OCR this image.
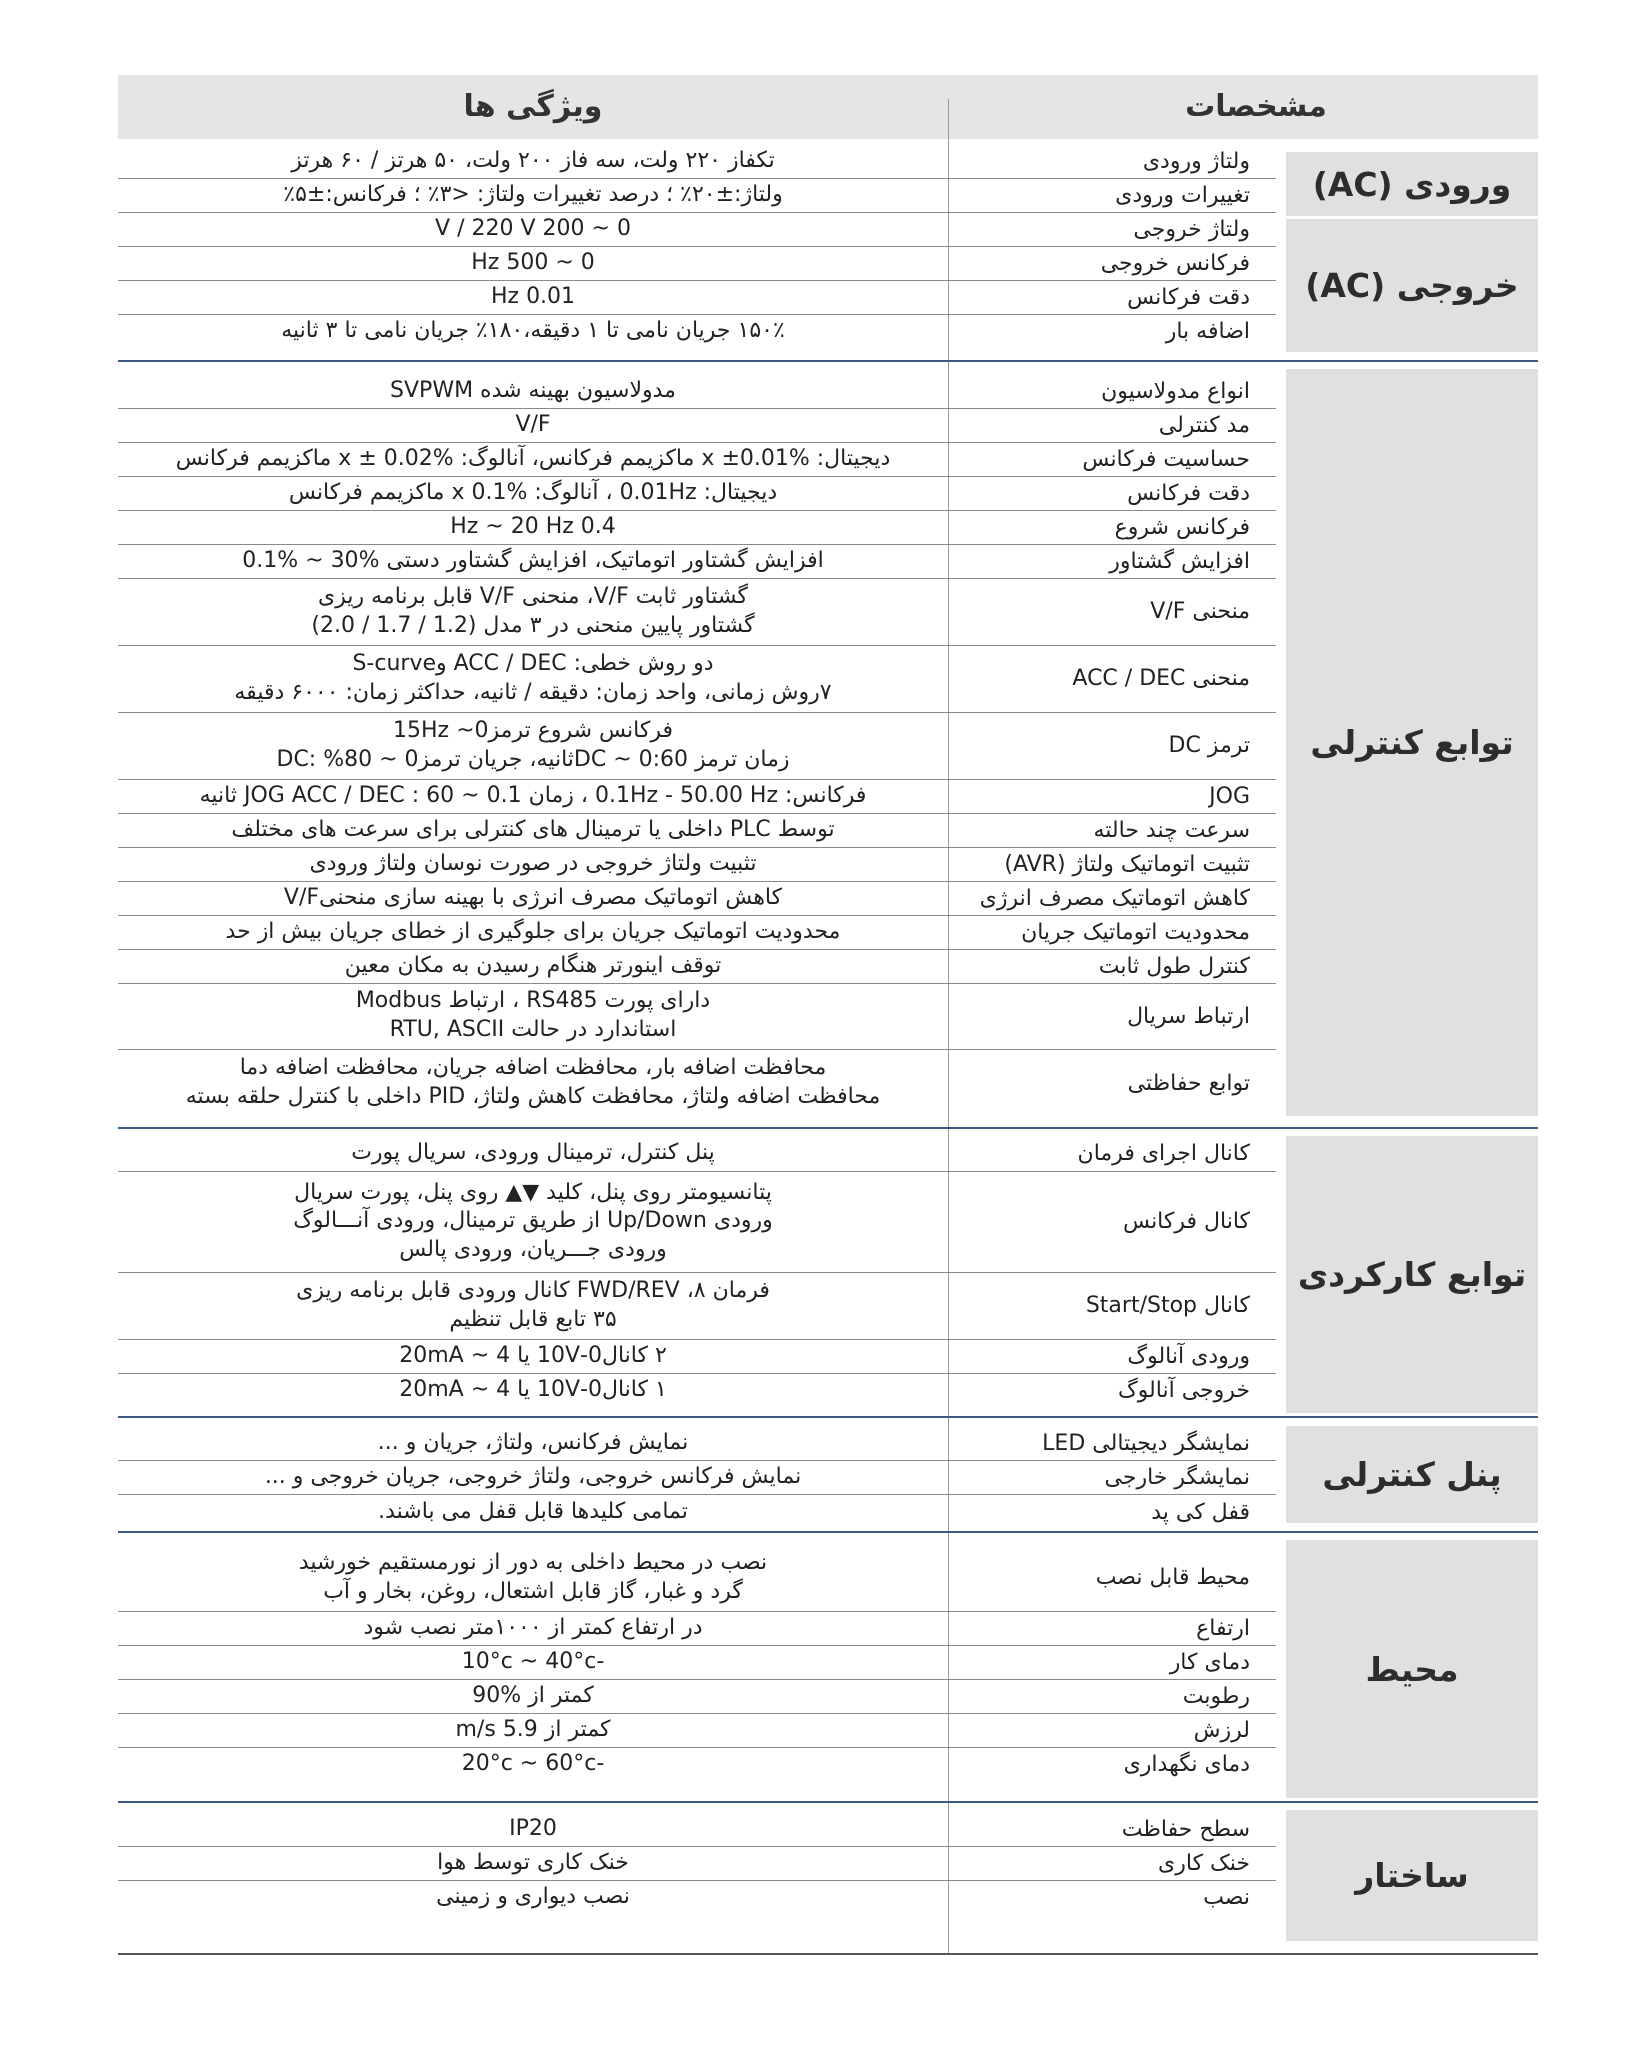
ویژگی ها	مشخصات
ورودی (AC)
خروجی (AC)
توابع کنترلی
توابع کارکردی
پنل کنترلی
محیط
ساختار
ولتاژ ورودی
تکفاز ۲۲۰ ولت، سه فاز ۲۰۰ ولت، ۵۰ هرتز / ۶۰ هرتز
تغییرات ورودی
ولتاژ:±۲۰٪ ؛ درصد تغییرات ولتاژ: <۳٪ ؛ فرکانس:±۵٪
ولتاژ خروجی
0 ~ 200 V / 220 V
فرکانس خروجی
0 ~ 500 Hz
دقت فرکانس
0.01 Hz
اضافه بار
۱۵۰٪ جریان نامی تا ۱ دقیقه،۱۸۰٪ جریان نامی تا ۳ ثانیه
انواع مدولاسیون
مدولاسیون بهینه شده SVPWM
مد کنترلی
V/F
حساسیت فرکانس
دیجیتال: %0.01± x ماکزیمم فرکانس، آنالوگ: %0.02 ± x ماکزیمم فرکانس
دقت فرکانس
دیجیتال: 0.01Hz ، آنالوگ: %0.1 x ماکزیمم فرکانس
فرکانس شروع
0.4 Hz ~ 20 Hz
افزایش گشتاور
افزایش گشتاور اتوماتیک، افزایش گشتاور دستی %30 ~ %0.1
منحنی V/F
گشتاور ثابت V/F، منحنی V/F قابل برنامه ریزی
گشتاور پایین منحنی در ۳ مدل (1.2 / 1.7 / 2.0)
منحنی ACC / DEC
دو روش خطی: ACC / DEC وS-curve
۷روش زمانی، واحد زمان: دقیقه / ثانیه، حداکثر زمان: ۶۰۰۰ دقیقه
ترمز DC
فرکانس شروع ترمز15Hz ~0
زمان ترمز 60:DC ~ 0ثانیه، جریان ترمزDC: %80 ~ 0
JOG
فرکانس: 0.1Hz - 50.00 Hz ، زمان JOG ACC / DEC : 60 ~ 0.1 ثانیه
سرعت چند حالته
توسط PLC داخلی یا ترمینال های کنترلی برای سرعت های مختلف
تثبیت اتوماتیک ولتاژ (AVR)
تثبیت ولتاژ خروجی در صورت نوسان ولتاژ ورودی
کاهش اتوماتیک مصرف انرژی
کاهش اتوماتیک مصرف انرژی با بهینه سازی منحنیV/F
محدودیت اتوماتیک جریان
محدودیت اتوماتیک جریان برای جلوگیری از خطای جریان بیش از حد
کنترل طول ثابت
توقف اینورتر هنگام رسیدن به مکان معین
ارتباط سریال
دارای پورت RS485 ، ارتباط Modbus
استاندارد در حالت RTU, ASCII
توابع حفاظتی
محافظت اضافه بار، محافظت اضافه جریان، محافظت اضافه دما
محافظت اضافه ولتاژ، محافظت کاهش ولتاژ، PID داخلی با کنترل حلقه بسته
کانال اجرای فرمان
پنل کنترل، ترمینال ورودی، سریال پورت
کانال فرکانس
پتانسیومتر روی پنل، کلید ▼▲ روی پنل، پورت سریال
ورودی Up/Down از طریق ترمینال، ورودی آنـــالوگ
ورودی جـــریان، ورودی پالس
کانال Start/Stop
فرمان FWD/REV ،۸ کانال ورودی قابل برنامه ریزی
۳۵ تابع قابل تنظیم
ورودی آنالوگ
۲ کانال0-10V یا 20mA ~ 4
خروجی آنالوگ
۱ کانال0-10V یا 20mA ~ 4
نمایشگر دیجیتالی LED
نمایش فرکانس، ولتاژ، جریان و ...
نمایشگر خارجی
نمایش فرکانس خروجی، ولتاژ خروجی، جریان خروجی و ...
قفل کی پد
تمامی کلیدها قابل قفل می باشند.
محیط قابل نصب
نصب در محیط داخلی به دور از نورمستقیم خورشید
گرد و غبار، گاز قابل اشتعال، روغن، بخار و آب
ارتفاع
در ارتفاع کمتر از ۱۰۰۰متر نصب شود
دمای کار
-10°c ~ 40°c
رطوبت
کمتر از %90
لرزش
کمتر از 5.9 m/s
دمای نگهداری
-20°c ~ 60°c
سطح حفاظت
IP20
خنک کاری
خنک کاری توسط هوا
نصب
نصب دیواری و زمینی
